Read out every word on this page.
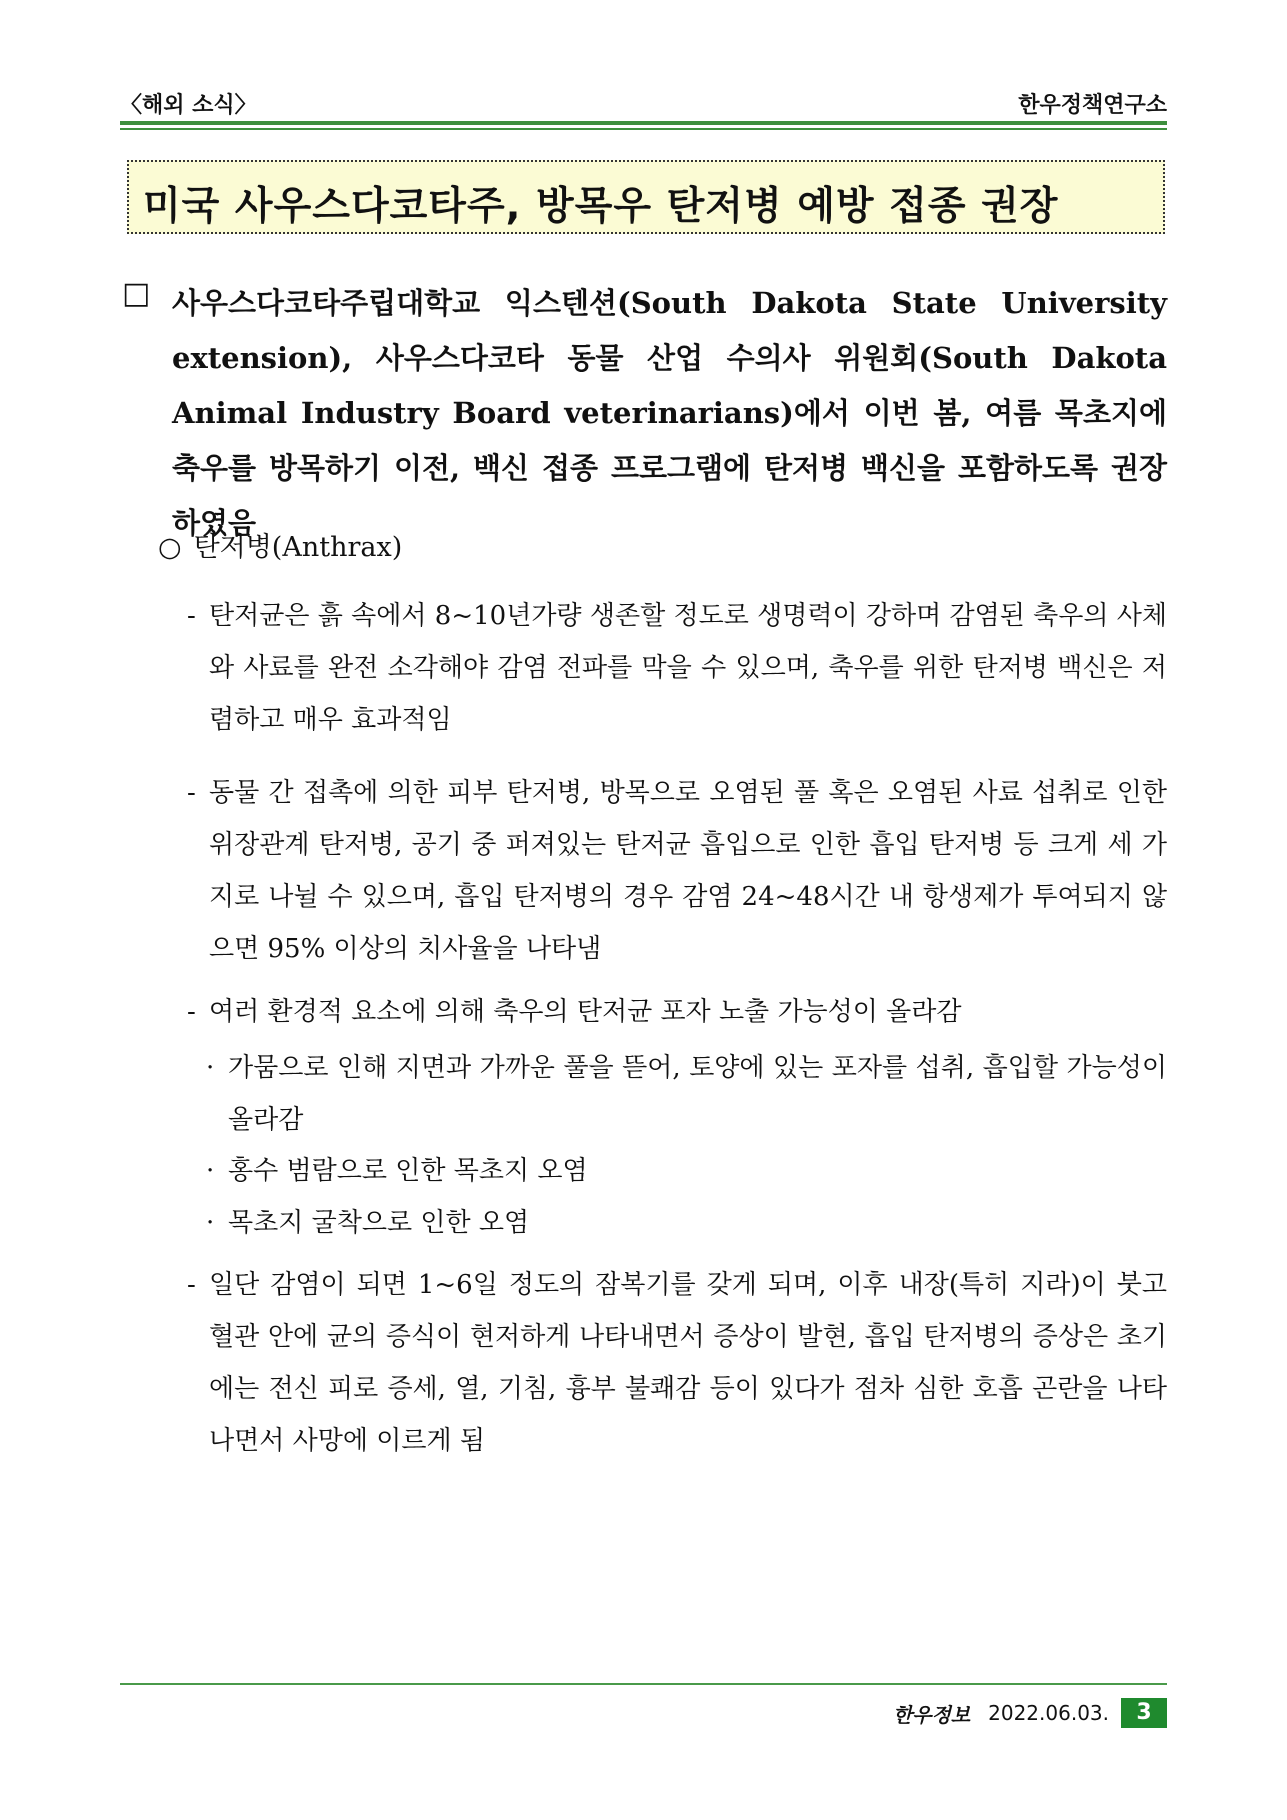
〈해외 소식〉	한우정책연구소
미국 사우스다코타주, 방목우 탄저병 예방 접종 권장
□ 사우스다코타주립대학교 익스텐션(South Dakota State University extension), 사우스다코타 동물 산업 수의사 위원회(South Dakota Animal Industry Board veterinarians)에서 이번 봄, 여름 목초지에 축우를 방목하기 이전, 백신 접종 프로그램에 탄저병 백신을 포함하도록 권장하였음

○ 탄저병(Anthrax)
- 탄저균은 흙 속에서 8~10년가량 생존할 정도로 생명력이 강하며 감염된 축우의 사체와 사료를 완전 소각해야 감염 전파를 막을 수 있으며, 축우를 위한 탄저병 백신은 저렴하고 매우 효과적임

- 동물 간 접촉에 의한 피부 탄저병, 방목으로 오염된 풀 혹은 오염된 사료 섭취로 인한 위장관계 탄저병, 공기 중 퍼져있는 탄저균 흡입으로 인한 흡입 탄저병 등 크게 세 가지로 나뉠 수 있으며, 흡입 탄저병의 경우 감염 24~48시간 내 항생제가 투여되지 않으면 95% 이상의 치사율을 나타냄

- 여러 환경적 요소에 의해 축우의 탄저균 포자 노출 가능성이 올라감

· 가뭄으로 인해 지면과 가까운 풀을 뜯어, 토양에 있는 포자를 섭취, 흡입할 가능성이 올라감

· 홍수 범람으로 인한 목초지 오염

· 목초지 굴착으로 인한 오염

- 일단 감염이 되면 1~6일 정도의 잠복기를 갖게 되며, 이후 내장(특히 지라)이 붓고 혈관 안에 균의 증식이 현저하게 나타내면서 증상이 발현, 흡입 탄저병의 증상은 초기에는 전신 피로 증세, 열, 기침, 흉부 불쾌감 등이 있다가 점차 심한 호흡 곤란을 나타나면서 사망에 이르게 됨

한우정보 2022.06.03.	3
